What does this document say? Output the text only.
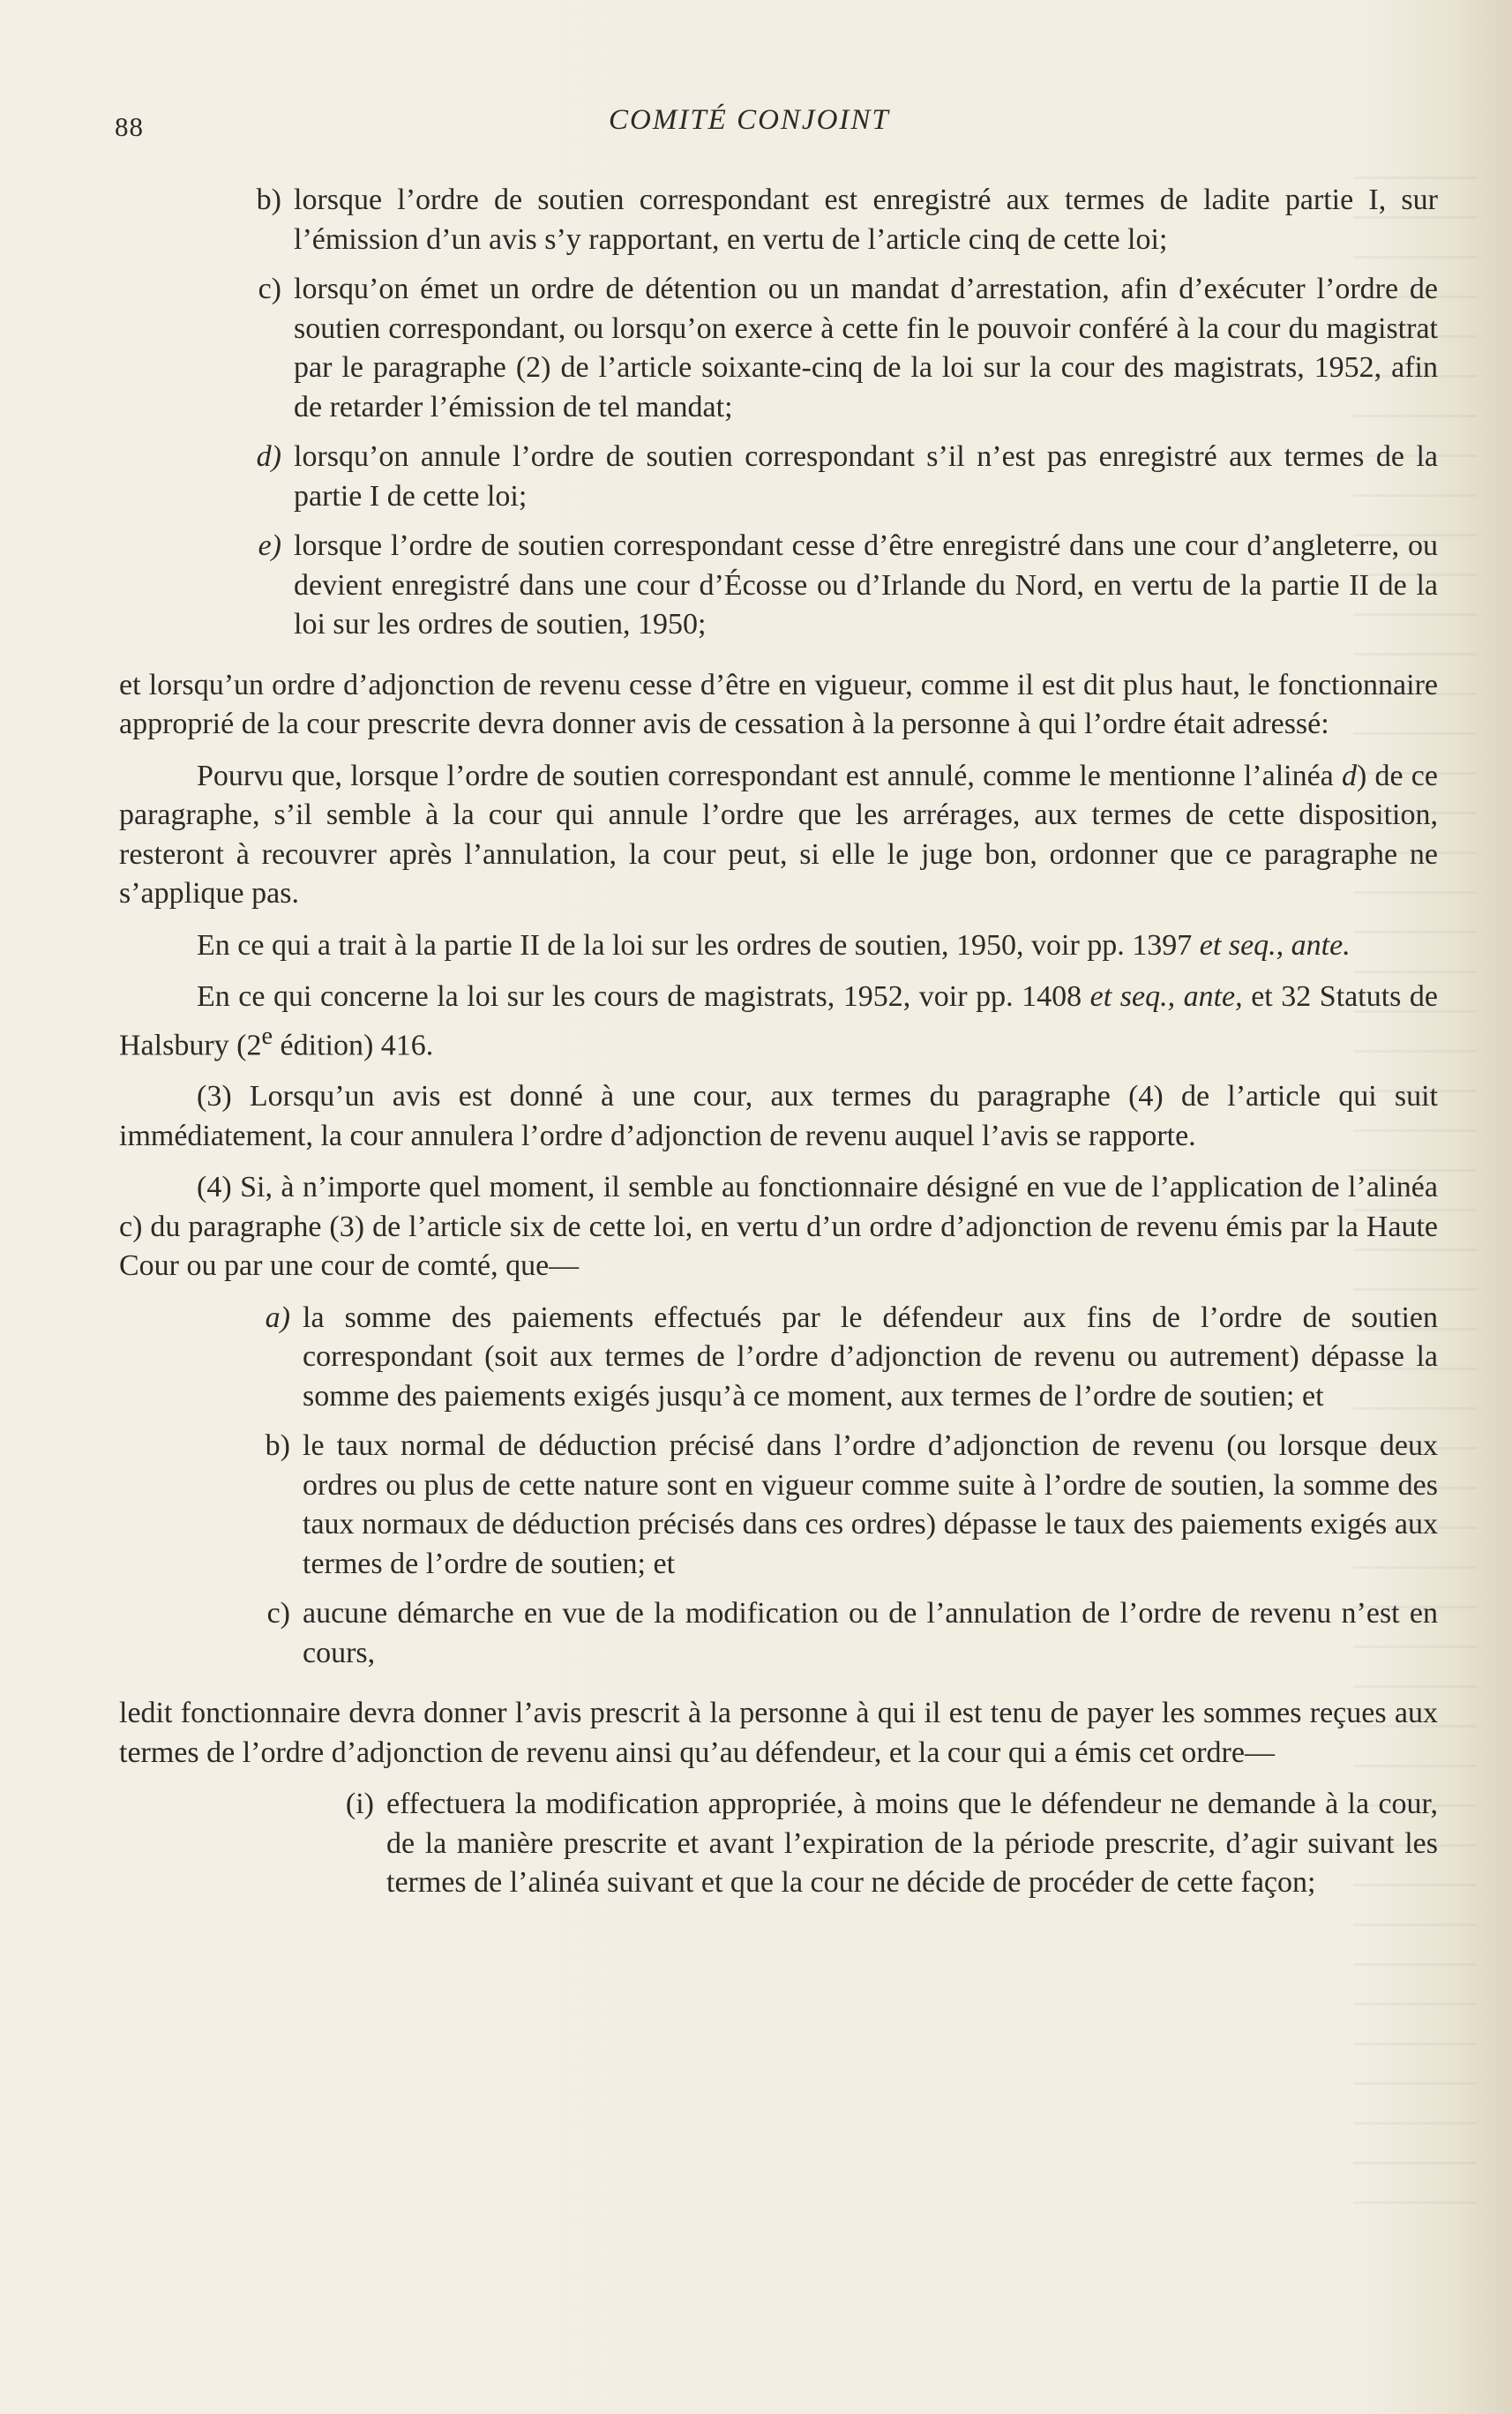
88	COMITÉ CONJOINT
b) lorsque l’ordre de soutien correspondant est enregistré aux termes de ladite partie I, sur l’émission d’un avis s’y rapportant, en vertu de l’article cinq de cette loi;
c) lorsqu’on émet un ordre de détention ou un mandat d’arrestation, afin d’exécuter l’ordre de soutien correspondant, ou lorsqu’on exerce à cette fin le pouvoir conféré à la cour du magistrat par le paragraphe (2) de l’article soixante-cinq de la loi sur la cour des magistrats, 1952, afin de retarder l’émission de tel mandat;
d) lorsqu’on annule l’ordre de soutien correspondant s’il n’est pas enregistré aux termes de la partie I de cette loi;
e) lorsque l’ordre de soutien correspondant cesse d’être enregistré dans une cour d’angleterre, ou devient enregistré dans une cour d’Écosse ou d’Irlande du Nord, en vertu de la partie II de la loi sur les ordres de soutien, 1950;

et lorsqu’un ordre d’adjonction de revenu cesse d’être en vigueur, comme il est dit plus haut, le fonctionnaire approprié de la cour prescrite devra donner avis de cessation à la personne à qui l’ordre était adressé:

Pourvu que, lorsque l’ordre de soutien correspondant est annulé, comme le mentionne l’alinéa d) de ce paragraphe, s’il semble à la cour qui annule l’ordre que les arrérages, aux termes de cette disposition, resteront à recouvrer après l’annulation, la cour peut, si elle le juge bon, ordonner que ce paragraphe ne s’applique pas.

En ce qui a trait à la partie II de la loi sur les ordres de soutien, 1950, voir pp. 1397 et seq., ante.

En ce qui concerne la loi sur les cours de magistrats, 1952, voir pp. 1408 et seq., ante, et 32 Statuts de Halsbury (2e édition) 416.

(3) Lorsqu’un avis est donné à une cour, aux termes du paragraphe (4) de l’article qui suit immédiatement, la cour annulera l’ordre d’adjonction de revenu auquel l’avis se rapporte.

(4) Si, à n’importe quel moment, il semble au fonctionnaire désigné en vue de l’application de l’alinéa c) du paragraphe (3) de l’article six de cette loi, en vertu d’un ordre d’adjonction de revenu émis par la Haute Cour ou par une cour de comté, que—

a) la somme des paiements effectués par le défendeur aux fins de l’ordre de soutien correspondant (soit aux termes de l’ordre d’adjonction de revenu ou autrement) dépasse la somme des paiements exigés jusqu’à ce moment, aux termes de l’ordre de soutien; et
b) le taux normal de déduction précisé dans l’ordre d’adjonction de revenu (ou lorsque deux ordres ou plus de cette nature sont en vigueur comme suite à l’ordre de soutien, la somme des taux normaux de déduction précisés dans ces ordres) dépasse le taux des paiements exigés aux termes de l’ordre de soutien; et
c) aucune démarche en vue de la modification ou de l’annulation de l’ordre de revenu n’est en cours,

ledit fonctionnaire devra donner l’avis prescrit à la personne à qui il est tenu de payer les sommes reçues aux termes de l’ordre d’adjonction de revenu ainsi qu’au défendeur, et la cour qui a émis cet ordre—

(i) effectuera la modification appropriée, à moins que le défendeur ne demande à la cour, de la manière prescrite et avant l’expiration de la période prescrite, d’agir suivant les termes de l’alinéa suivant et que la cour ne décide de procéder de cette façon;
